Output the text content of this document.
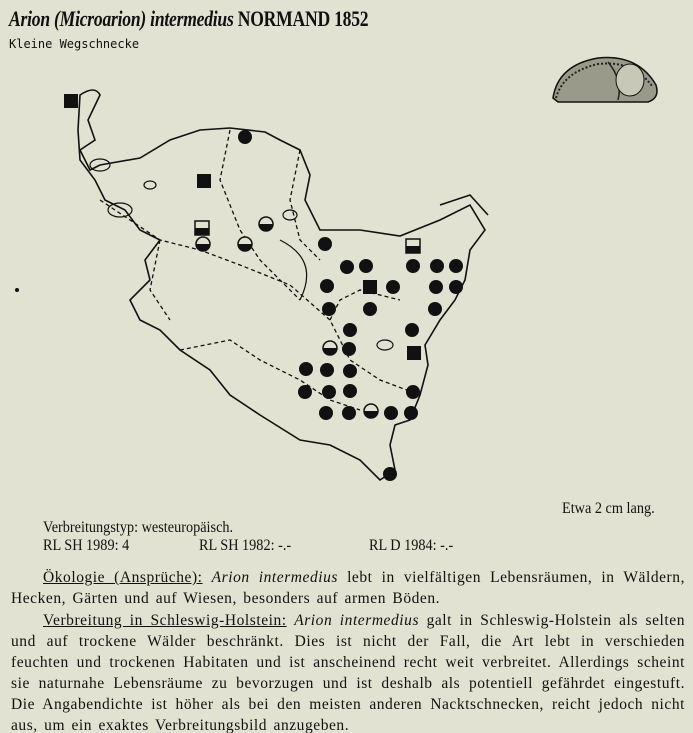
Arion (Microarion) intermedius NORMAND 1852
Kleine Wegschnecke
Etwa 2 cm lang.
Verbreitungstyp: westeuropäisch.
RL SH 1989: 4	RL SH 1982: -.-	RL D 1984: -.-
Ökologie (Ansprüche): Arion intermedius lebt in vielfältigen Lebensräumen, in Wäldern, Hecken, Gärten und auf Wiesen, besonders auf armen Böden.
Verbreitung in Schleswig-Holstein: Arion intermedius galt in Schleswig-Holstein als selten und auf trockene Wälder beschränkt. Dies ist nicht der Fall, die Art lebt in verschieden feuchten und trockenen Habitaten und ist anscheinend recht weit verbreitet. Allerdings scheint sie naturnahe Lebensräume zu bevorzugen und ist deshalb als potentiell gefährdet eingestuft. Die Angabendichte ist höher als bei den meisten anderen Nacktschnecken, reicht jedoch nicht aus, um ein exaktes Verbreitungsbild anzugeben.
